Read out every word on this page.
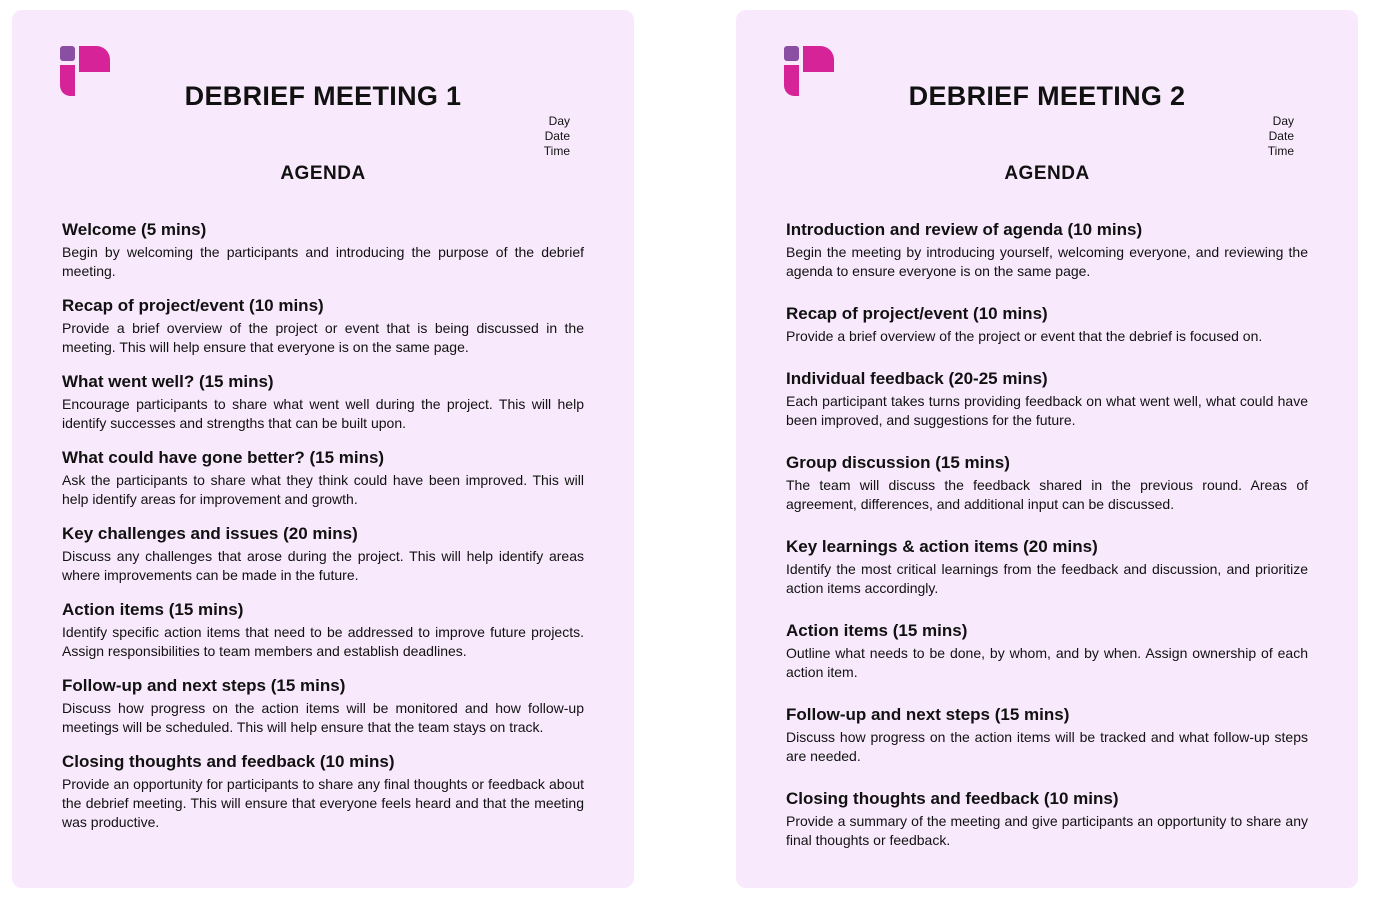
DEBRIEF MEETING 1
Day
Date
Time
AGENDA
Welcome (5 mins)

Begin by welcoming the participants and introducing the purpose of the debrief meeting.

Recap of project/event (10 mins)

Provide a brief overview of the project or event that is being discussed in the meeting. This will help ensure that everyone is on the same page.

What went well? (15 mins)

Encourage participants to share what went well during the project. This will help identify successes and strengths that can be built upon.

What could have gone better? (15 mins)

Ask the participants to share what they think could have been improved. This will help identify areas for improvement and growth.

Key challenges and issues (20 mins)

Discuss any challenges that arose during the project. This will help identify areas where improvements can be made in the future.

Action items (15 mins)

Identify specific action items that need to be addressed to improve future projects. Assign responsibilities to team members and establish deadlines.

Follow-up and next steps (15 mins)

Discuss how progress on the action items will be monitored and how follow-up meetings will be scheduled. This will help ensure that the team stays on track.

Closing thoughts and feedback (10 mins)

Provide an opportunity for participants to share any final thoughts or feedback about the debrief meeting. This will ensure that everyone feels heard and that the meeting was productive.

DEBRIEF MEETING 2
Day
Date
Time
AGENDA
Introduction and review of agenda (10 mins)

Begin the meeting by introducing yourself, welcoming everyone, and reviewing the agenda to ensure everyone is on the same page.

Recap of project/event (10 mins)

Provide a brief overview of the project or event that the debrief is focused on.

Individual feedback (20-25 mins)

Each participant takes turns providing feedback on what went well, what could have been improved, and suggestions for the future.

Group discussion (15 mins)

The team will discuss the feedback shared in the previous round. Areas of agreement, differences, and additional input can be discussed.

Key learnings & action items (20 mins)

Identify the most critical learnings from the feedback and discussion, and prioritize action items accordingly.

Action items (15 mins)

Outline what needs to be done, by whom, and by when. Assign ownership of each action item.

Follow-up and next steps (15 mins)

Discuss how progress on the action items will be tracked and what follow-up steps are needed.

Closing thoughts and feedback (10 mins)

Provide a summary of the meeting and give participants an opportunity to share any final thoughts or feedback.
